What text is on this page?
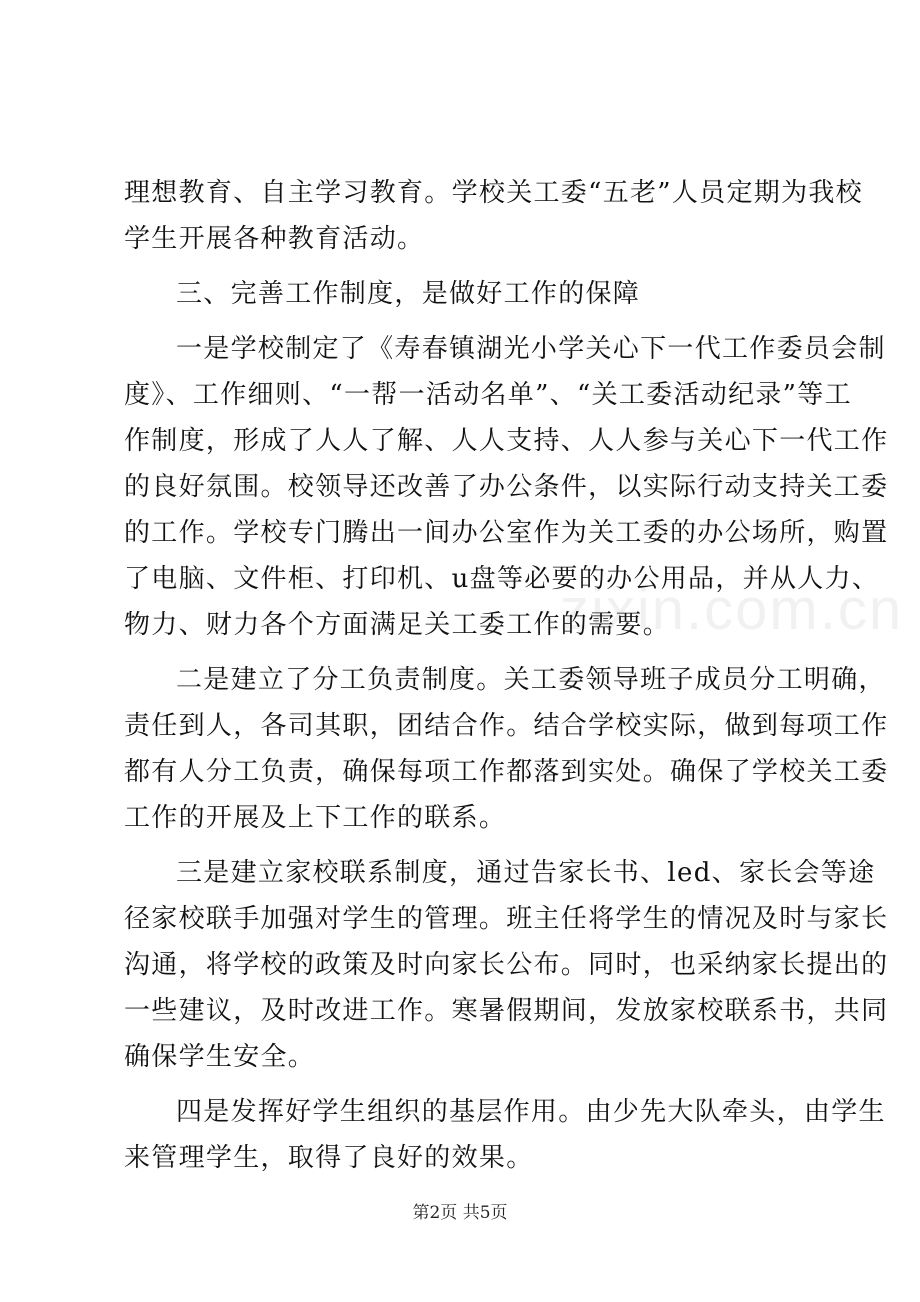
zixin.com.cn
理想教育、自主学习教育。学校关工委“五老”人员定期为我校
学生开展各种教育活动。
三、完善工作制度，是做好工作的保障
一是学校制定了《寿春镇湖光小学关心下一代工作委员会制
度》、工作细则、“一帮一活动名单”、“关工委活动纪录”等工
作制度，形成了人人了解、人人支持、人人参与关心下一代工作
的良好氛围。校领导还改善了办公条件，以实际行动支持关工委
的工作。学校专门腾出一间办公室作为关工委的办公场所，购置
了电脑、文件柜、打印机、u盘等必要的办公用品，并从人力、
物力、财力各个方面满足关工委工作的需要。
二是建立了分工负责制度。关工委领导班子成员分工明确，
责任到人，各司其职，团结合作。结合学校实际，做到每项工作
都有人分工负责，确保每项工作都落到实处。确保了学校关工委
工作的开展及上下工作的联系。
三是建立家校联系制度，通过告家长书、led、家长会等途
径家校联手加强对学生的管理。班主任将学生的情况及时与家长
沟通，将学校的政策及时向家长公布。同时，也采纳家长提出的
一些建议，及时改进工作。寒暑假期间，发放家校联系书，共同
确保学生安全。
四是发挥好学生组织的基层作用。由少先大队牵头，由学生
来管理学生，取得了良好的效果。
第2页 共5页
